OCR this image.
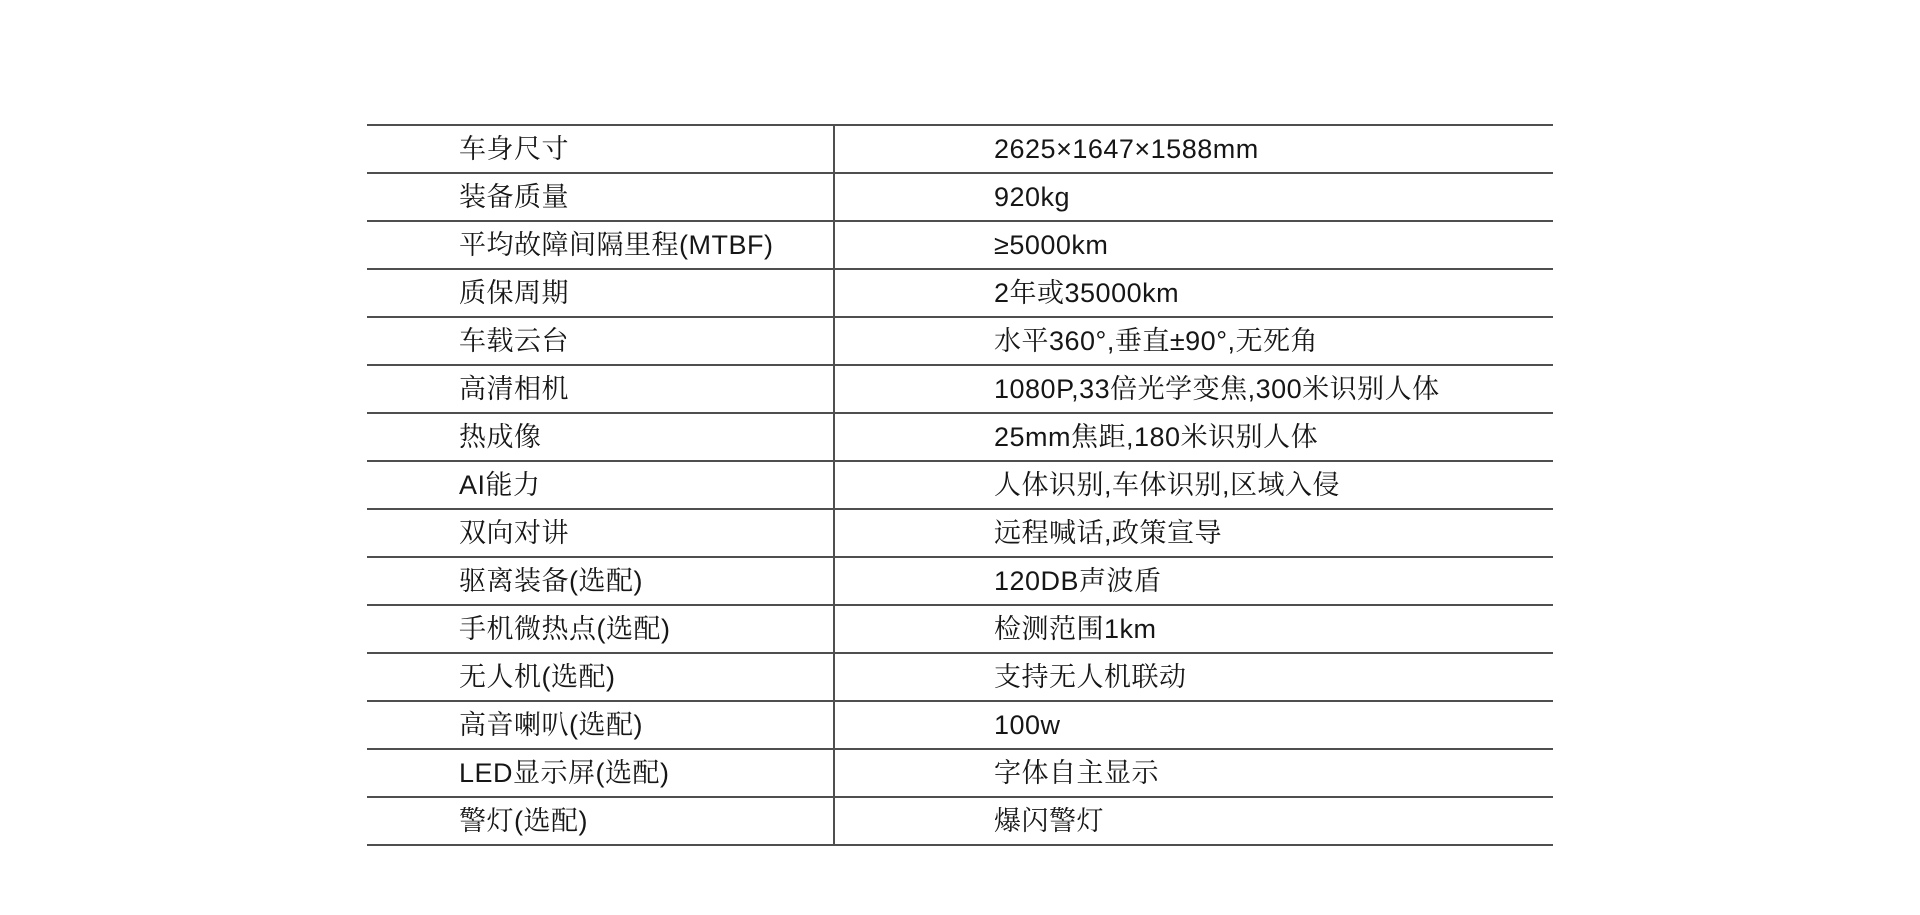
车身尺寸	2625×1647×1588mm
装备质量	920kg
平均故障间隔里程(MTBF)	≥5000km
质保周期	2年或35000km
车载云台	水平360°,垂直±90°,无死角
高清相机	1080P,33倍光学变焦,300米识别人体
热成像	25mm焦距,180米识别人体
AI能力	人体识别,车体识别,区域入侵
双向对讲	远程喊话,政策宣导
驱离装备(选配)	120DB声波盾
手机微热点(选配)	检测范围1km
无人机(选配)	支持无人机联动
高音喇叭(选配)	100w
LED显示屏(选配)	字体自主显示
警灯(选配)	爆闪警灯
